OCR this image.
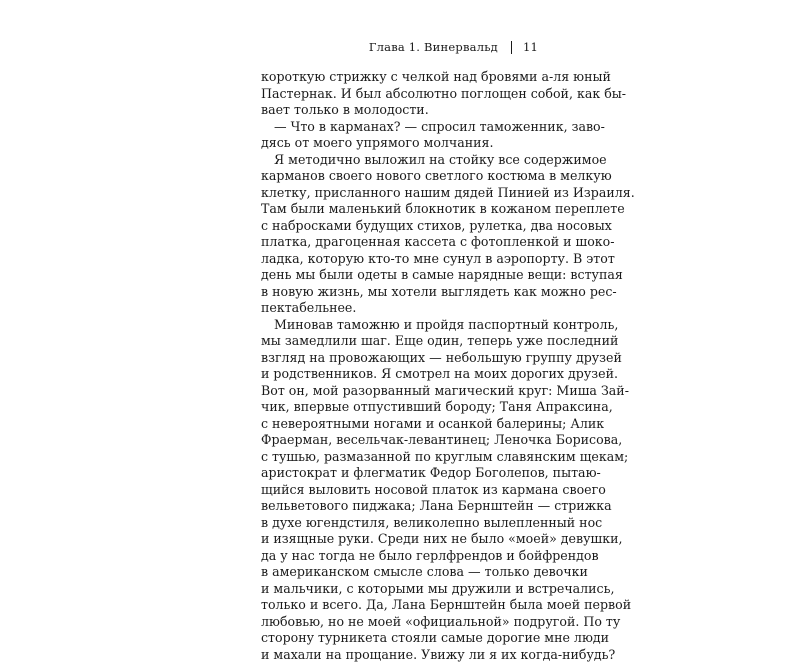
Глава 1. Винервальд 11
короткую стрижку с челкой над бровями а-ля юный
Пастернак. И был абсолютно поглощен собой, как бы-
вает только в молодости.
— Что в карманах? — спросил таможенник, заво-
дясь от моего упрямого молчания.
Я методично выложил на стойку все содержимое
карманов своего нового светлого костюма в мелкую
клетку, присланного нашим дядей Пинией из Израиля.
Там были маленький блокнотик в кожаном переплете
с набросками будущих стихов, рулетка, два носовых
платка, драгоценная кассета с фотопленкой и шоко-
ладка, которую кто-то мне сунул в аэропорту. В этот
день мы были одеты в самые нарядные вещи: вступая
в новую жизнь, мы хотели выглядеть как можно рес-
пектабельнее.
Миновав таможню и пройдя паспортный контроль,
мы замедлили шаг. Еще один, теперь уже последний
взгляд на провожающих — небольшую группу друзей
и родственников. Я смотрел на моих дорогих друзей.
Вот он, мой разорванный магический круг: Миша Зай-
чик, впервые отпустивший бороду; Таня Апраксина,
с невероятными ногами и осанкой балерины; Алик
Фраерман, весельчак-левантинец; Леночка Борисова,
с тушью, размазанной по круглым славянским щекам;
аристократ и флегматик Федор Боголепов, пытаю-
щийся выловить носовой платок из кармана своего
вельветового пиджака; Лана Бернштейн — стрижка
в духе югендстиля, великолепно вылепленный нос
и изящные руки. Среди них не было «моей» девушки,
да у нас тогда не было герлфрендов и бойфрендов
в американском смысле слова — только девочки
и мальчики, с которыми мы дружили и встречались,
только и всего. Да, Лана Бернштейн была моей первой
любовью, но не моей «официальной» подругой. По ту
сторону турникета стояли самые дорогие мне люди
и махали на прощание. Увижу ли я их когда-нибудь?
